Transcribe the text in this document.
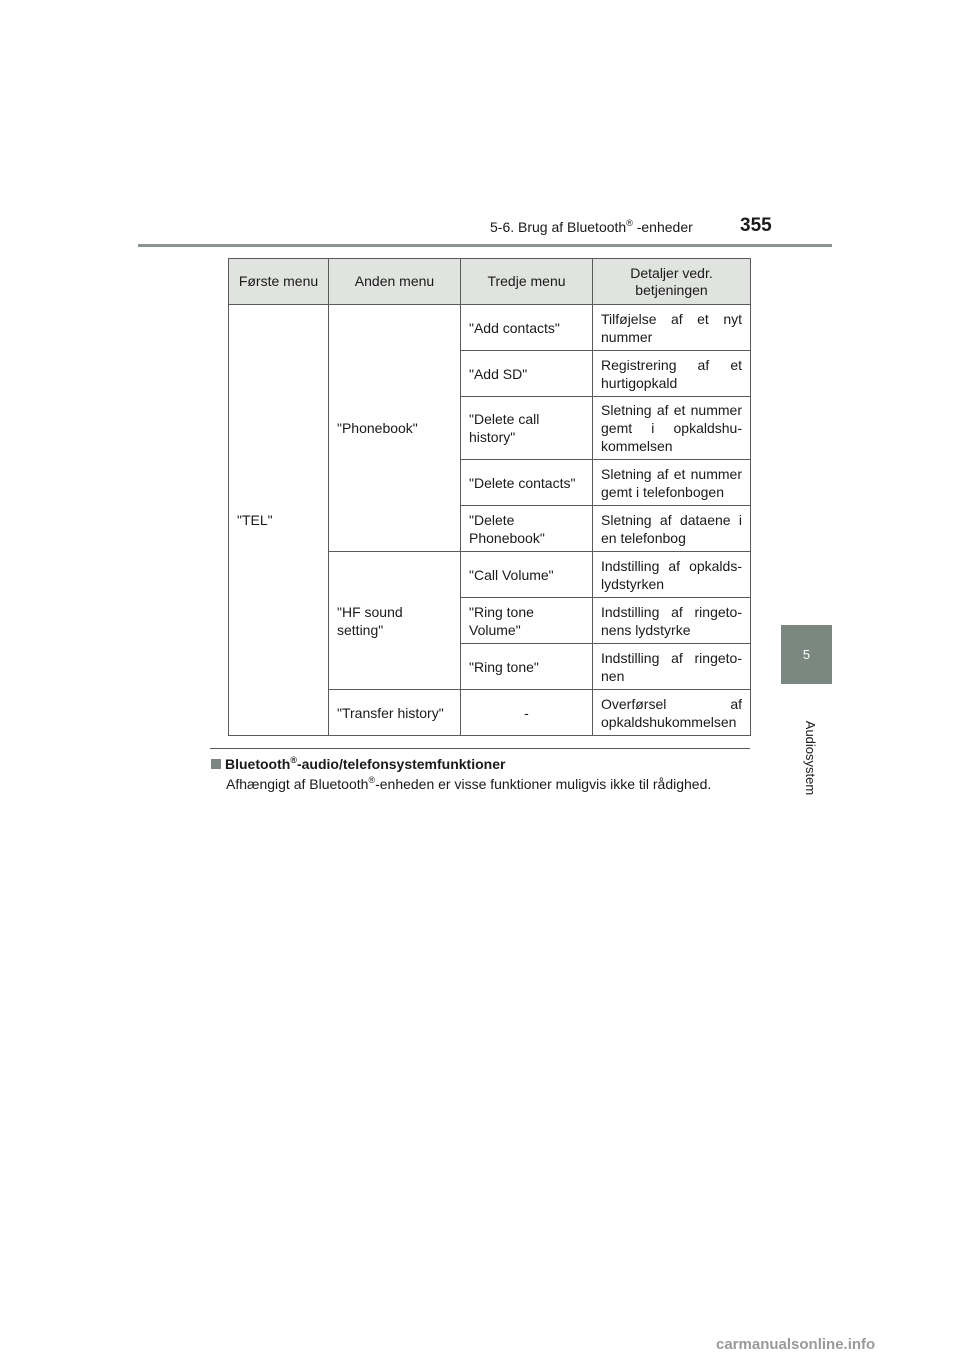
5-6. Brug af Bluetooth® -enheder 355
5
Audiosystem
Første menu	Anden menu	Tredje menu	Detaljer vedr. betjeningen
"TEL"	"Phonebook"	"Add contacts"	Tilføjelse af et nyt nummer
		"Add SD"	Registrering af et hurtigopkald
		"Delete call history"	Sletning af et nummer gemt i opkaldshu-kommelsen
		"Delete contacts"	Sletning af et nummer gemt i telefonbogen
		"Delete Phonebook"	Sletning af dataene i en telefonbog
	"HF sound setting"	"Call Volume"	Indstilling af opkalds-lydstyrken
		"Ring tone Volume"	Indstilling af ringeto-nens lydstyrke
		"Ring tone"	Indstilling af ringeto-nen
	"Transfer history"	-	Overførsel af opkaldshukommelsen
Bluetooth®-audio/telefonsystemfunktioner
Afhængigt af Bluetooth®-enheden er visse funktioner muligvis ikke til rådighed.
carmanualsonline.info
